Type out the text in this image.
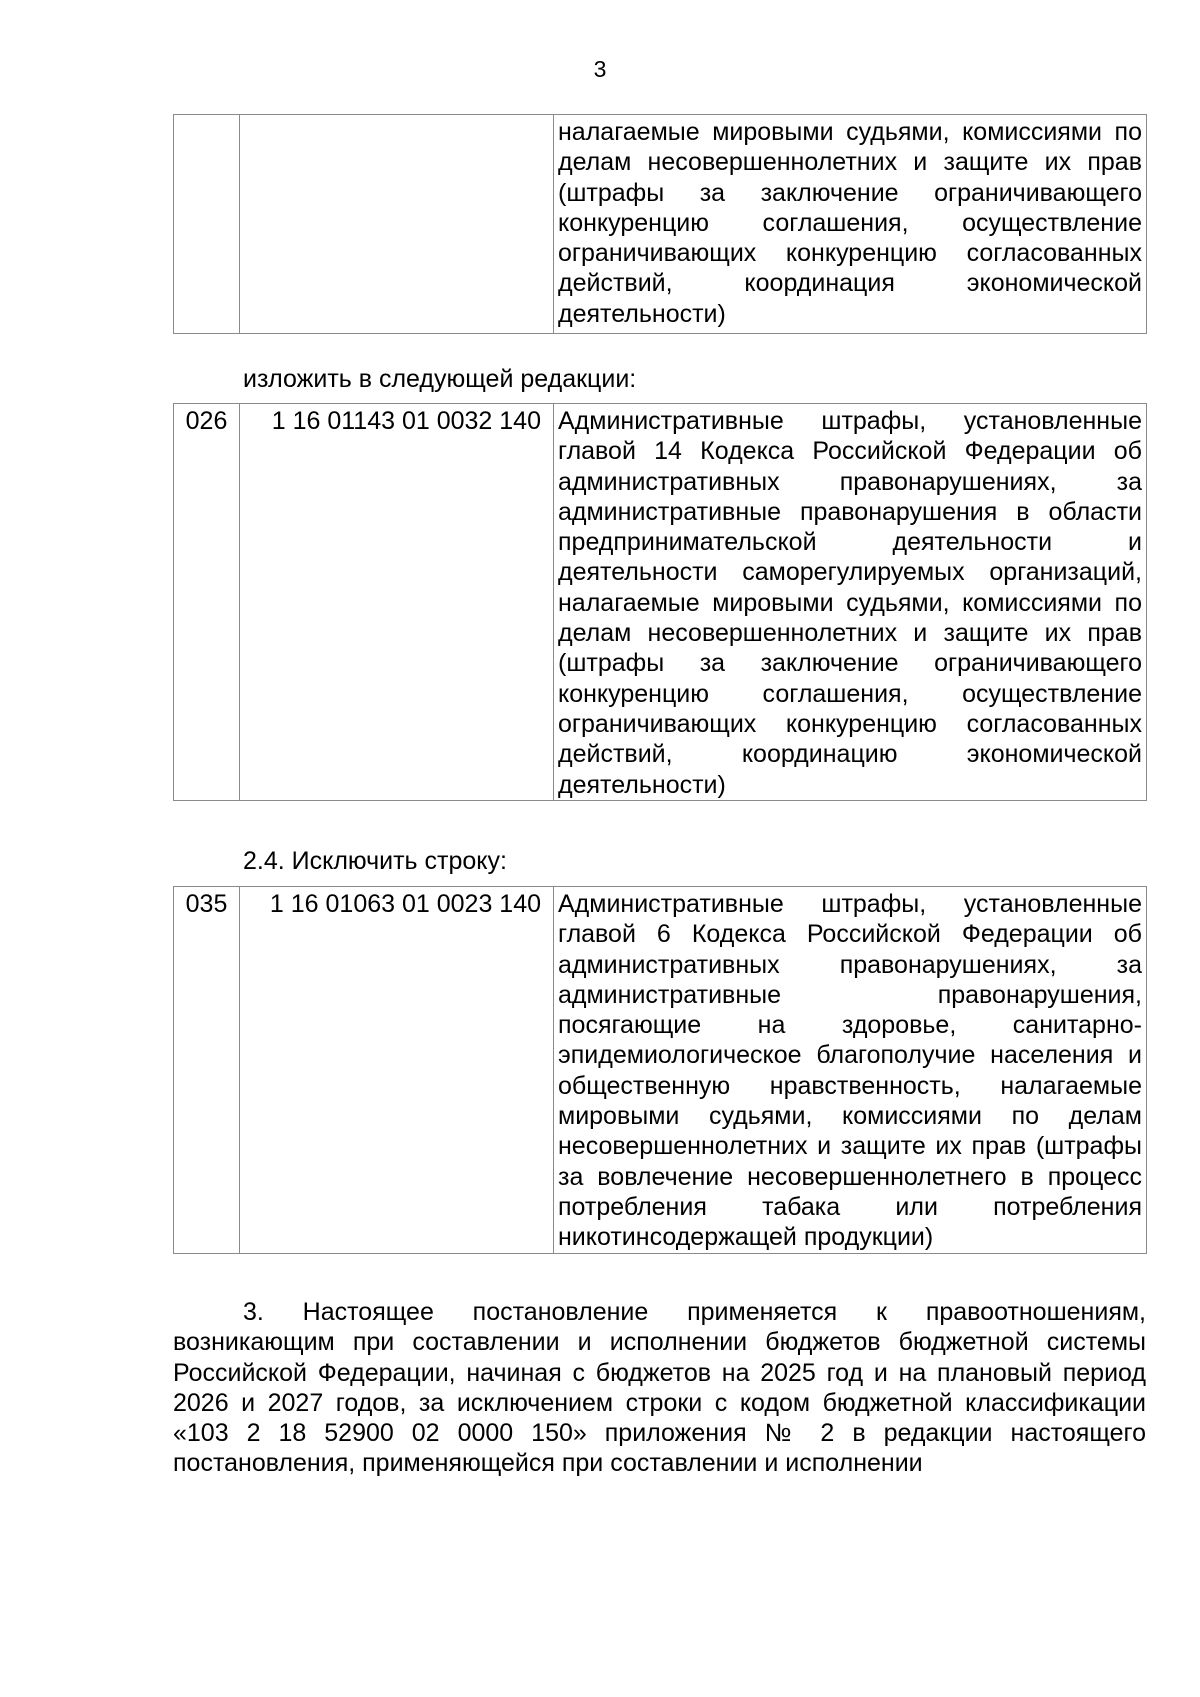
3
		налагаемые мировыми судьями, комиссиями по делам несовершеннолетних и защите их прав (штрафы за заключение ограничивающего конкуренцию соглашения, осуществление ограничивающих конкуренцию согласованных действий, координация экономической деятельности)
изложить в следующей редакции:
026	1 16 01143 01 0032 140	Административные штрафы, установленные главой 14 Кодекса Российской Федерации об административных правонарушениях, за административные правонарушения в области предпринимательской деятельности и деятельности саморегулируемых организаций, налагаемые мировыми судьями, комиссиями по делам несовершеннолетних и защите их прав (штрафы за заключение ограничивающего конкуренцию соглашения, осуществление ограничивающих конкуренцию согласованных действий, координацию экономической деятельности)
2.4. Исключить строку:
035	1 16 01063 01 0023 140	Административные штрафы, установленные главой 6 Кодекса Российской Федерации об административных правонарушениях, за административные правонарушения, посягающие на здоровье, санитарно-эпидемиологическое благополучие населения и общественную нравственность, налагаемые мировыми судьями, комиссиями по делам несовершеннолетних и защите их прав (штрафы за вовлечение несовершеннолетнего в процесс потребления табака или потребления никотинсодержащей продукции)

3. Настоящее постановление применяется к правоотношениям, возникающим при составлении и исполнении бюджетов бюджетной системы Российской Федерации, начиная с бюджетов на 2025 год и на плановый период 2026 и 2027 годов, за исключением строки с кодом бюджетной классификации «103 2 18 52900 02 0000 150» приложения № 2 в редакции настоящего постановления, применяющейся при составлении и исполнении
